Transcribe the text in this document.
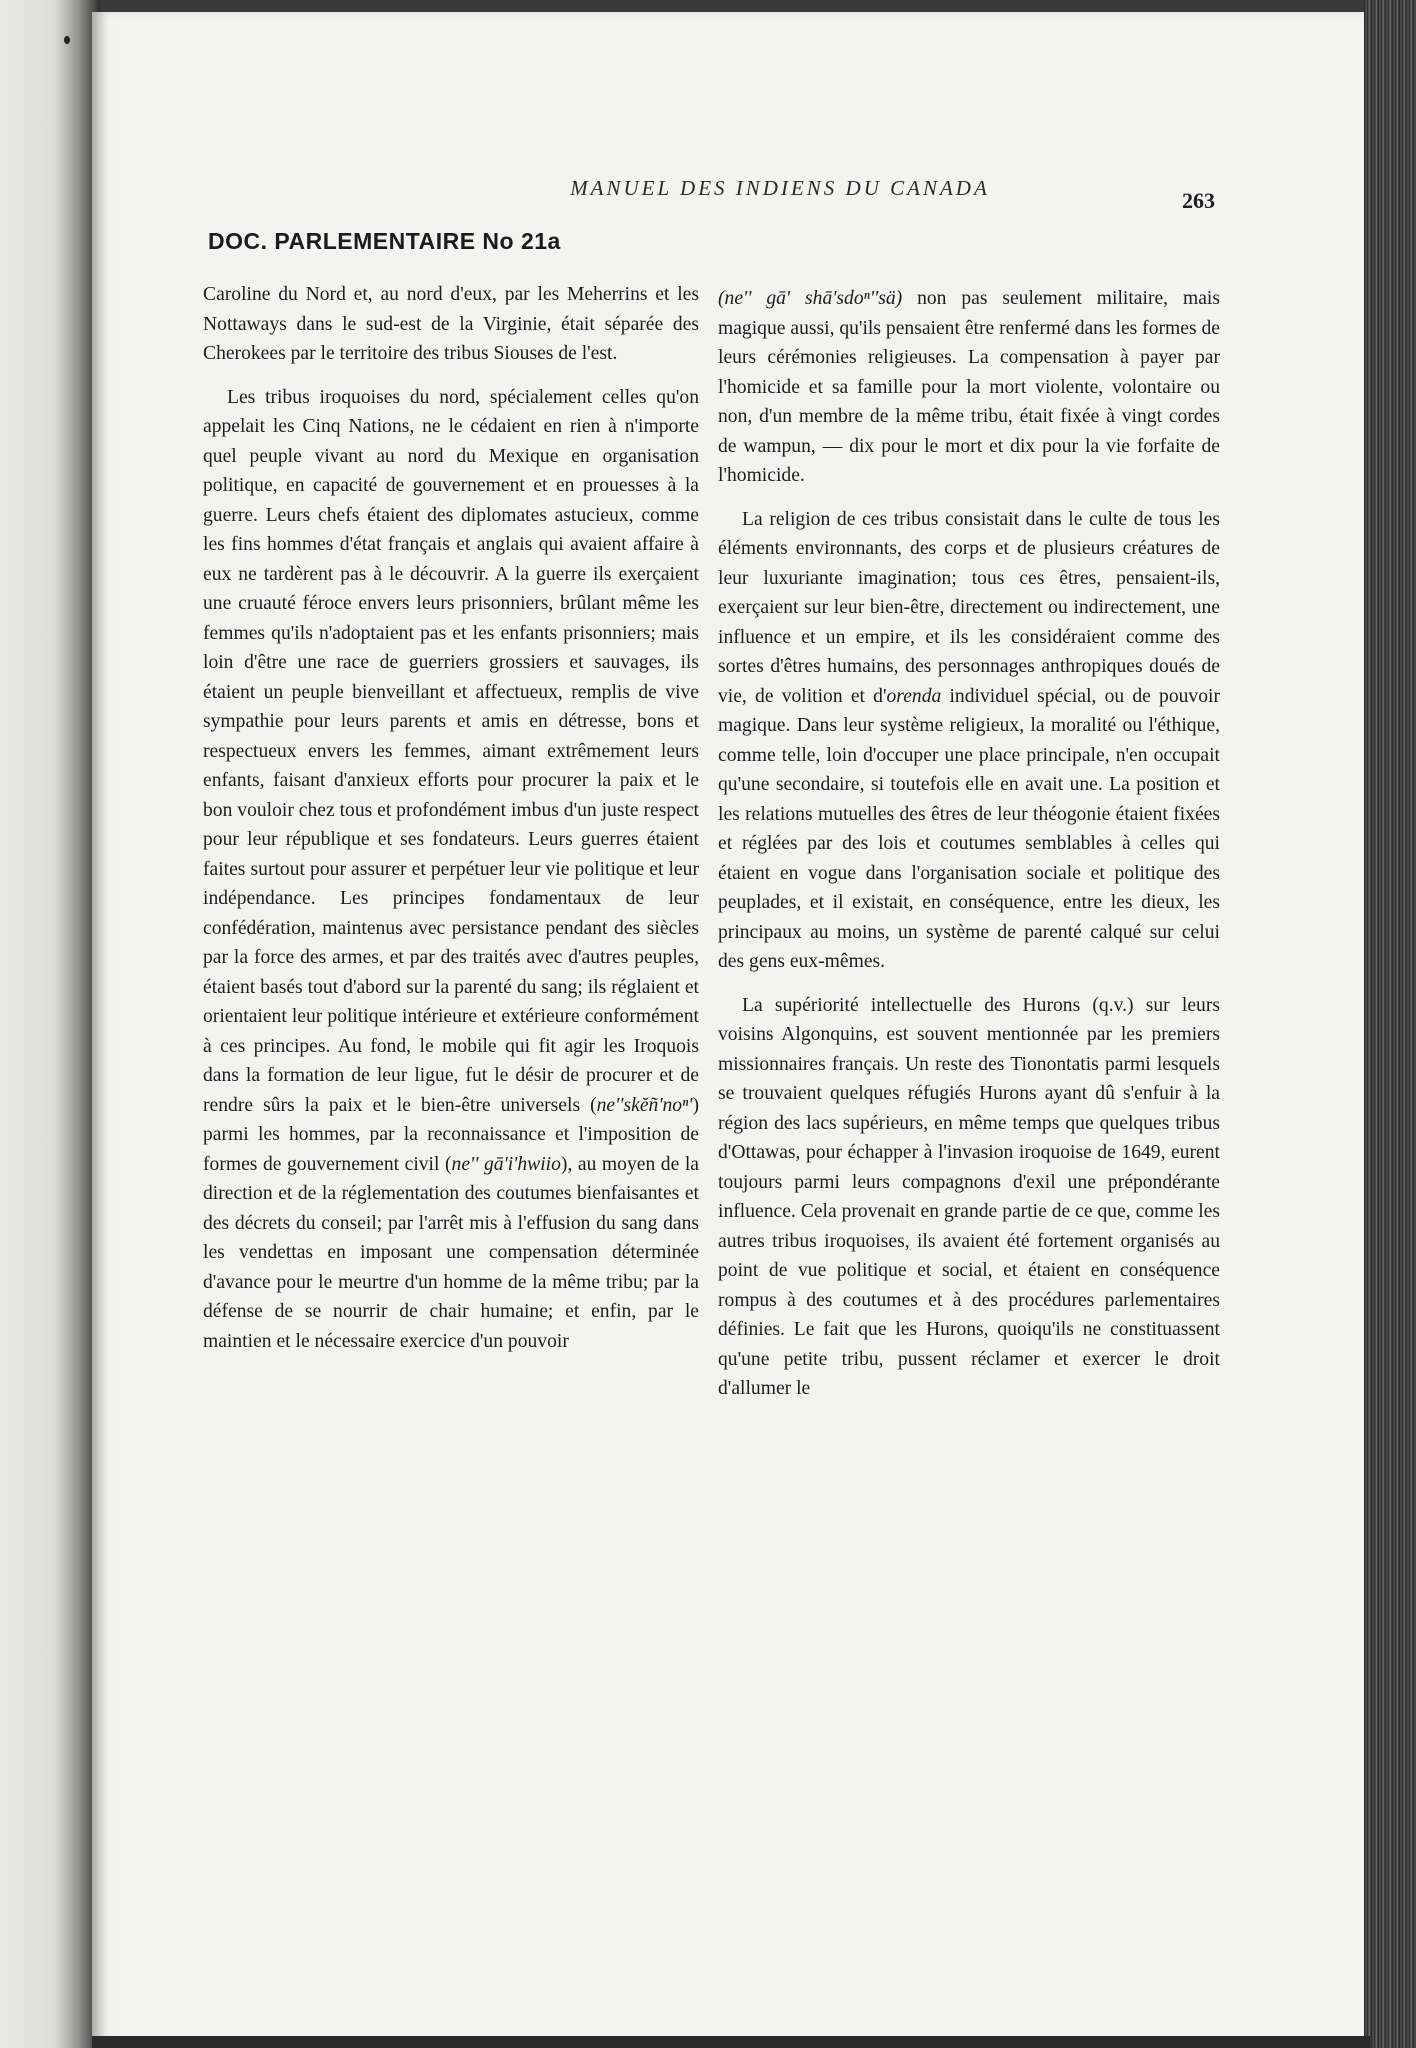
MANUEL DES INDIENS DU CANADA	263
DOC. PARLEMENTAIRE No 21a

Caroline du Nord et, au nord d'eux, par les Meherrins et les Nottaways dans le sud-est de la Virginie, était séparée des Cherokees par le territoire des tribus Siouses de l'est.

Les tribus iroquoises du nord, spécialement celles qu'on appelait les Cinq Nations, ne le cédaient en rien à n'importe quel peuple vivant au nord du Mexique en organisation politique, en capacité de gouvernement et en prouesses à la guerre. Leurs chefs étaient des diplomates astucieux, comme les fins hommes d'état français et anglais qui avaient affaire à eux ne tardèrent pas à le découvrir. A la guerre ils exerçaient une cruauté féroce envers leurs prisonniers, brûlant même les femmes qu'ils n'adoptaient pas et les enfants prisonniers; mais loin d'être une race de guerriers grossiers et sauvages, ils étaient un peuple bienveillant et affectueux, remplis de vive sympathie pour leurs parents et amis en détresse, bons et respectueux envers les femmes, aimant extrêmement leurs enfants, faisant d'anxieux efforts pour procurer la paix et le bon vouloir chez tous et profondément imbus d'un juste respect pour leur république et ses fondateurs. Leurs guerres étaient faites surtout pour assurer et perpétuer leur vie politique et leur indépendance. Les principes fondamentaux de leur confédération, maintenus avec persistance pendant des siècles par la force des armes, et par des traités avec d'autres peuples, étaient basés tout d'abord sur la parenté du sang; ils réglaient et orientaient leur politique intérieure et extérieure conformément à ces principes. Au fond, le mobile qui fit agir les Iroquois dans la formation de leur ligue, fut le désir de procurer et de rendre sûrs la paix et le bien-être universels (ne''skĕñ'noⁿ') parmi les hommes, par la reconnaissance et l'imposition de formes de gouvernement civil (ne'' gā'i'hwiio), au moyen de la direction et de la réglementation des coutumes bienfaisantes et des décrets du conseil; par l'arrêt mis à l'effusion du sang dans les vendettas en imposant une compensation déterminée d'avance pour le meurtre d'un homme de la même tribu; par la défense de se nourrir de chair humaine; et enfin, par le maintien et le nécessaire exercice d'un pouvoir

(ne'' gā' shā'sdoⁿ''sä) non pas seulement militaire, mais magique aussi, qu'ils pensaient être renfermé dans les formes de leurs cérémonies religieuses. La compensation à payer par l'homicide et sa famille pour la mort violente, volontaire ou non, d'un membre de la même tribu, était fixée à vingt cordes de wampun, — dix pour le mort et dix pour la vie forfaite de l'homicide.

La religion de ces tribus consistait dans le culte de tous les éléments environnants, des corps et de plusieurs créatures de leur luxuriante imagination; tous ces êtres, pensaient-ils, exerçaient sur leur bien-être, directement ou indirectement, une influence et un empire, et ils les considéraient comme des sortes d'êtres humains, des personnages anthropiques doués de vie, de volition et d'orenda individuel spécial, ou de pouvoir magique. Dans leur système religieux, la moralité ou l'éthique, comme telle, loin d'occuper une place principale, n'en occupait qu'une secondaire, si toutefois elle en avait une. La position et les relations mutuelles des êtres de leur théogonie étaient fixées et réglées par des lois et coutumes semblables à celles qui étaient en vogue dans l'organisation sociale et politique des peuplades, et il existait, en conséquence, entre les dieux, les principaux au moins, un système de parenté calqué sur celui des gens eux-mêmes.

La supériorité intellectuelle des Hurons (q.v.) sur leurs voisins Algonquins, est souvent mentionnée par les premiers missionnaires français. Un reste des Tionontatis parmi lesquels se trouvaient quelques réfugiés Hurons ayant dû s'enfuir à la région des lacs supérieurs, en même temps que quelques tribus d'Ottawas, pour échapper à l'invasion iroquoise de 1649, eurent toujours parmi leurs compagnons d'exil une prépondérante influence. Cela provenait en grande partie de ce que, comme les autres tribus iroquoises, ils avaient été fortement organisés au point de vue politique et social, et étaient en conséquence rompus à des coutumes et à des procédures parlementaires définies. Le fait que les Hurons, quoiqu'ils ne constituassent qu'une petite tribu, pussent réclamer et exercer le droit d'allumer le
